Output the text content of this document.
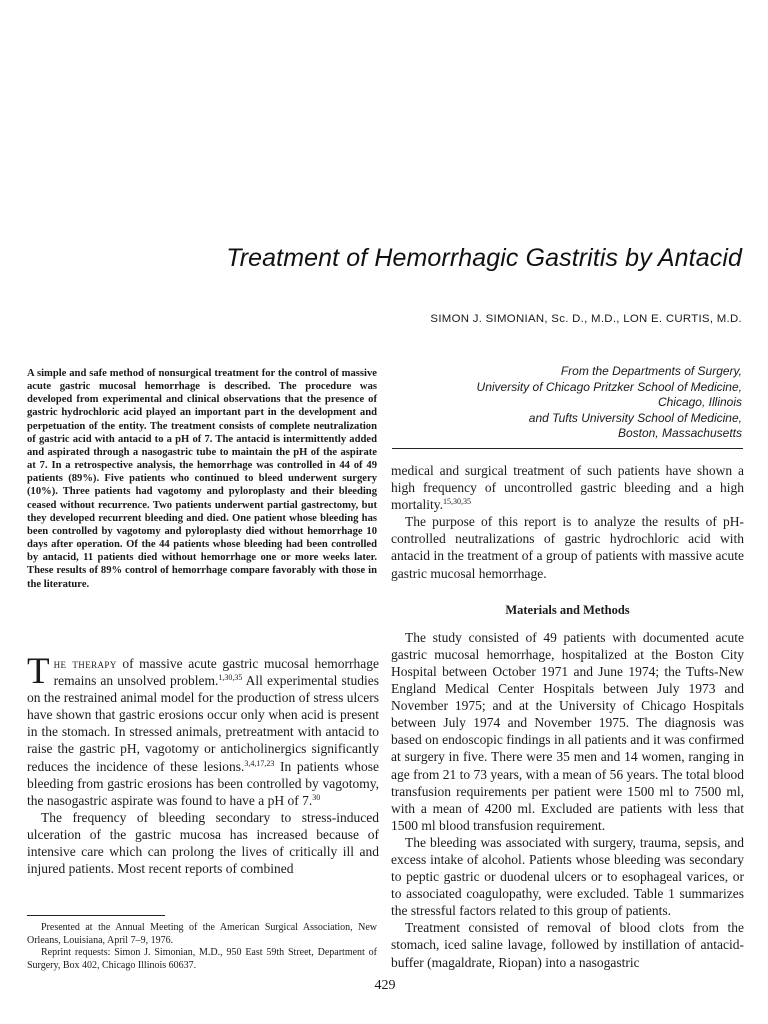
Treatment of Hemorrhagic Gastritis by Antacid
SIMON J. SIMONIAN, Sc. D., M.D., LON E. CURTIS, M.D.
From the Departments of Surgery,
University of Chicago Pritzker School of Medicine,
Chicago, Illinois
and Tufts University School of Medicine,
Boston, Massachusetts
A simple and safe method of nonsurgical treatment for the control of massive acute gastric mucosal hemorrhage is described. The procedure was developed from experimental and clinical observations that the presence of gastric hydrochloric acid played an important part in the development and perpetuation of the entity. The treatment consists of complete neutralization of gastric acid with antacid to a pH of 7. The antacid is intermittently added and aspirated through a nasogastric tube to maintain the pH of the aspirate at 7. In a retrospective analysis, the hemorrhage was controlled in 44 of 49 patients (89%). Five patients who continued to bleed underwent surgery (10%). Three patients had vagotomy and pyloroplasty and their bleeding ceased without recurrence. Two patients underwent partial gastrectomy, but they developed recurrent bleeding and died. One patient whose bleeding has been controlled by vagotomy and pyloroplasty died without hemorrhage 10 days after operation. Of the 44 patients whose bleeding had been controlled by antacid, 11 patients died without hemorrhage one or more weeks later. These results of 89% control of hemorrhage compare favorably with those in the literature.

The therapy of massive acute gastric mucosal hemorrhage remains an unsolved problem.$^{1,30,35}$ All experimental studies on the restrained animal model for the production of stress ulcers have shown that gastric erosions occur only when acid is present in the stomach. In stressed animals, pretreatment with antacid to raise the gastric pH, vagotomy or anticholinergics significantly reduces the incidence of these lesions.$^{3,4,17,23}$ In patients whose bleeding from gastric erosions has been controlled by vagotomy, the nasogastric aspirate was found to have a pH of 7.30

The frequency of bleeding secondary to stress-induced ulceration of the gastric mucosa has increased because of intensive care which can prolong the lives of critically ill and injured patients. Most recent reports of combined

medical and surgical treatment of such patients have shown a high frequency of uncontrolled gastric bleeding and a high mortality.$^{15,30,35}$

The purpose of this report is to analyze the results of pH-controlled neutralizations of gastric hydrochloric acid with antacid in the treatment of a group of patients with massive acute gastric mucosal hemorrhage.

Materials and Methods

The study consisted of 49 patients with documented acute gastric mucosal hemorrhage, hospitalized at the Boston City Hospital between October 1971 and June 1974; the Tufts-New England Medical Center Hospitals between July 1973 and November 1975; and at the University of Chicago Hospitals between July 1974 and November 1975. The diagnosis was based on endoscopic findings in all patients and it was confirmed at surgery in five. There were 35 men and 14 women, ranging in age from 21 to 73 years, with a mean of 56 years. The total blood transfusion requirements per patient were 1500 ml to 7500 ml, with a mean of 4200 ml. Excluded are patients with less that 1500 ml blood transfusion requirement.

The bleeding was associated with surgery, trauma, sepsis, and excess intake of alcohol. Patients whose bleeding was secondary to peptic gastric or duodenal ulcers or to esophageal varices, or to associated coagulopathy, were excluded. Table 1 summarizes the stressful factors related to this group of patients.

Treatment consisted of removal of blood clots from the stomach, iced saline lavage, followed by instillation of antacid-buffer (magaldrate, Riopan) into a nasogastric

Presented at the Annual Meeting of the American Surgical Association, New Orleans, Louisiana, April 7–9, 1976.

Reprint requests: Simon J. Simonian, M.D., 950 East 59th Street, Department of Surgery, Box 402, Chicago Illinois 60637.

429
